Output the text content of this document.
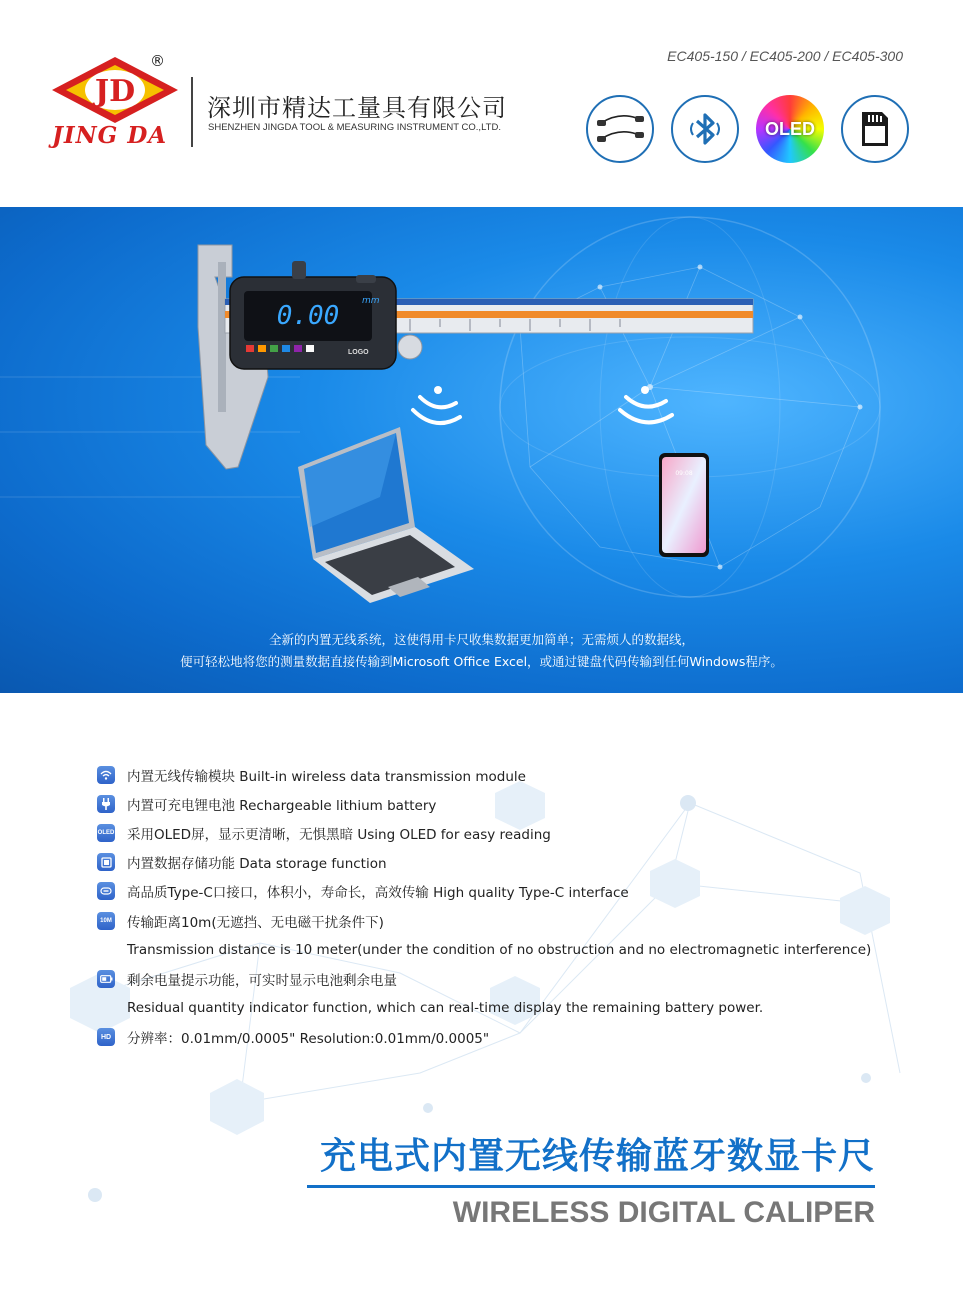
JD
®
JING DA
深圳市精达工量具有限公司
SHENZHEN JINGDA TOOL & MEASURING INSTRUMENT CO.,LTD.
EC405-150 / EC405-200 / EC405-300
OLED
0.00	mm
LOGO
09:08
全新的内置无线系统，这使得用卡尺收集数据更加简单；无需烦人的数据线，
便可轻松地将您的测量数据直接传输到Microsoft Office Excel，或通过键盘代码传输到任何Windows程序。
内置无线传输模块 Built-in wireless data transmission module
内置可充电锂电池 Rechargeable lithium battery
OLED 采用OLED屏，显示更清晰，无惧黑暗 Using OLED for easy reading
内置数据存储功能 Data storage function
高品质Type-C口接口，体积小，寿命长，高效传输 High quality Type-C interface
10M 传输距离10m(无遮挡、无电磁干扰条件下)
Transmission distance is 10 meter(under the condition of no obstruction and no electromagnetic interference)
剩余电量提示功能，可实时显示电池剩余电量
Residual quantity indicator function, which can real-time display the remaining battery power.
HD 分辨率：0.01mm/0.0005" Resolution:0.01mm/0.0005"
充电式内置无线传输蓝牙数显卡尺
WIRELESS DIGITAL CALIPER
